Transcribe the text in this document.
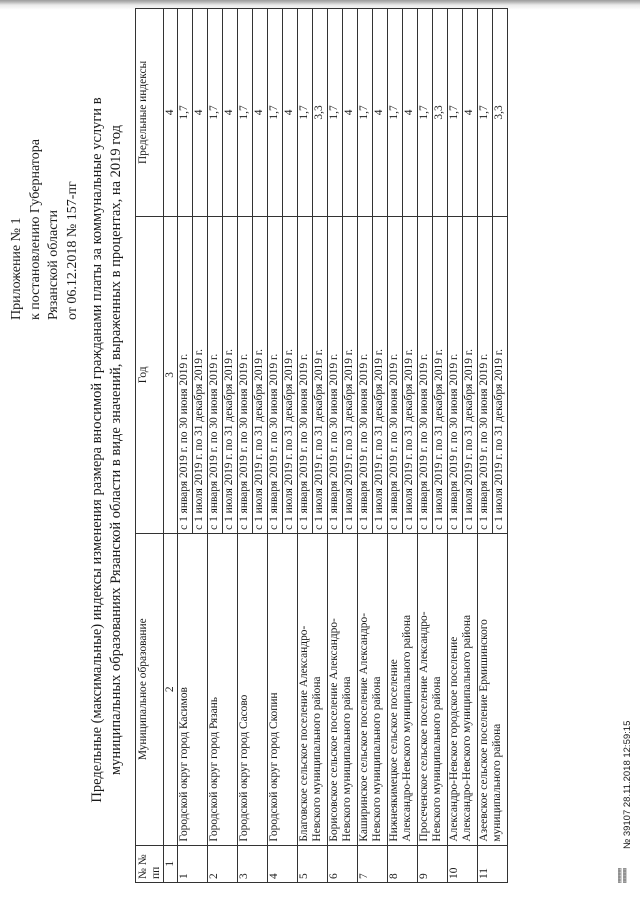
Приложение № 1 к постановлению Губернатора Рязанской области от 06.12.2018 № 157-пг Предельные (максимальные) индексы изменения размера вносимой гражданами платы за коммунальные услуги в муниципальных образованиях Рязанской области в виде значений, выраженных в процентах, на 2019 год
№ №
пп	Муниципальное образование	Год	Предельные индексы
1	2	3	4
1	Городской округ город Касимов	с 1 января 2019 г. по 30 июня 2019 г.	1,7
		с 1 июля 2019 г. по 31 декабря 2019 г.	4
2	Городской округ город Рязань	с 1 января 2019 г. по 30 июня 2019 г.	1,7
		с 1 июля 2019 г. по 31 декабря 2019 г.	4
3	Городской округ город Сасово	с 1 января 2019 г. по 30 июня 2019 г.	1,7
		с 1 июля 2019 г. по 31 декабря 2019 г.	4
4	Городской округ город Скопин	с 1 января 2019 г. по 30 июня 2019 г.	1,7
		с 1 июля 2019 г. по 31 декабря 2019 г.	4
5	Благовское сельское поселение Александро- Невского муниципального района	с 1 января 2019 г. по 30 июня 2019 г.	1,7
		с 1 июля 2019 г. по 31 декабря 2019 г.	3,3
6	Борисовское сельское поселение Александро- Невского муниципального района	с 1 января 2019 г. по 30 июня 2019 г.	1,7
		с 1 июля 2019 г. по 31 декабря 2019 г.	4
7	Каширинское сельское поселение Александро- Невского муниципального района	с 1 января 2019 г. по 30 июня 2019 г.	1,7
		с 1 июля 2019 г. по 31 декабря 2019 г.	4
8	Нижнеякимецкое сельское поселение Александро-Невского муниципального района	с 1 января 2019 г. по 30 июня 2019 г.	1,7
		с 1 июля 2019 г. по 31 декабря 2019 г.	4
9	Просеченское сельское поселение Александро- Невского муниципального района	с 1 января 2019 г. по 30 июня 2019 г.	1,7
		с 1 июля 2019 г. по 31 декабря 2019 г.	3,3
10	Александро-Невское городское поселение Александро-Невского муниципального района	с 1 января 2019 г. по 30 июня 2019 г.	1,7
		с 1 июля 2019 г. по 31 декабря 2019 г.	4
11	Азеевское сельское поселение Ермишинского муниципального района	с 1 января 2019 г. по 30 июня 2019 г.	1,7
		с 1 июля 2019 г. по 31 декабря 2019 г.	3,3
№ 39107 28.11.2018 12:59:15
▤▤▤▤▤
▥▥▥▥▥
